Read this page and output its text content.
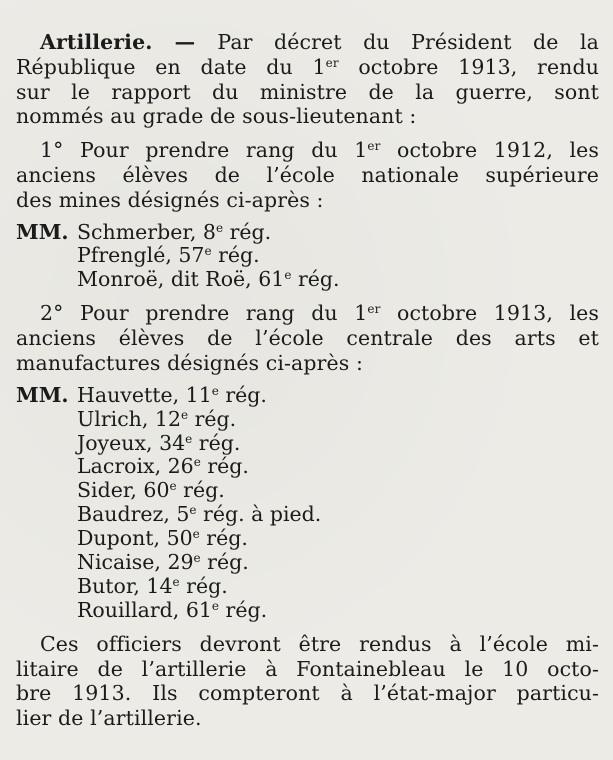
Artillerie. — Par décret du Président de la
République en date du 1er octobre 1913, rendu
sur le rapport du ministre de la guerre, sont
nommés au grade de sous-lieutenant :
1° Pour prendre rang du 1er octobre 1912, les
anciens élèves de l’école nationale supérieure
des mines désignés ci-après :
MM. Schmerber, 8e rég.
Pfrenglé, 57e rég.
Monroë, dit Roë, 61e rég.
2° Pour prendre rang du 1er octobre 1913, les
anciens élèves de l’école centrale des arts et
manufactures désignés ci-après :
MM. Hauvette, 11e rég.
Ulrich, 12e rég.
Joyeux, 34e rég.
Lacroix, 26e rég.
Sider, 60e rég.
Baudrez, 5e rég. à pied.
Dupont, 50e rég.
Nicaise, 29e rég.
Butor, 14e rég.
Rouillard, 61e rég.
Ces officiers devront être rendus à l’école mi-
litaire de l’artillerie à Fontainebleau le 10 octo-
bre 1913. Ils compteront à l’état-major particu-
lier de l’artillerie.
